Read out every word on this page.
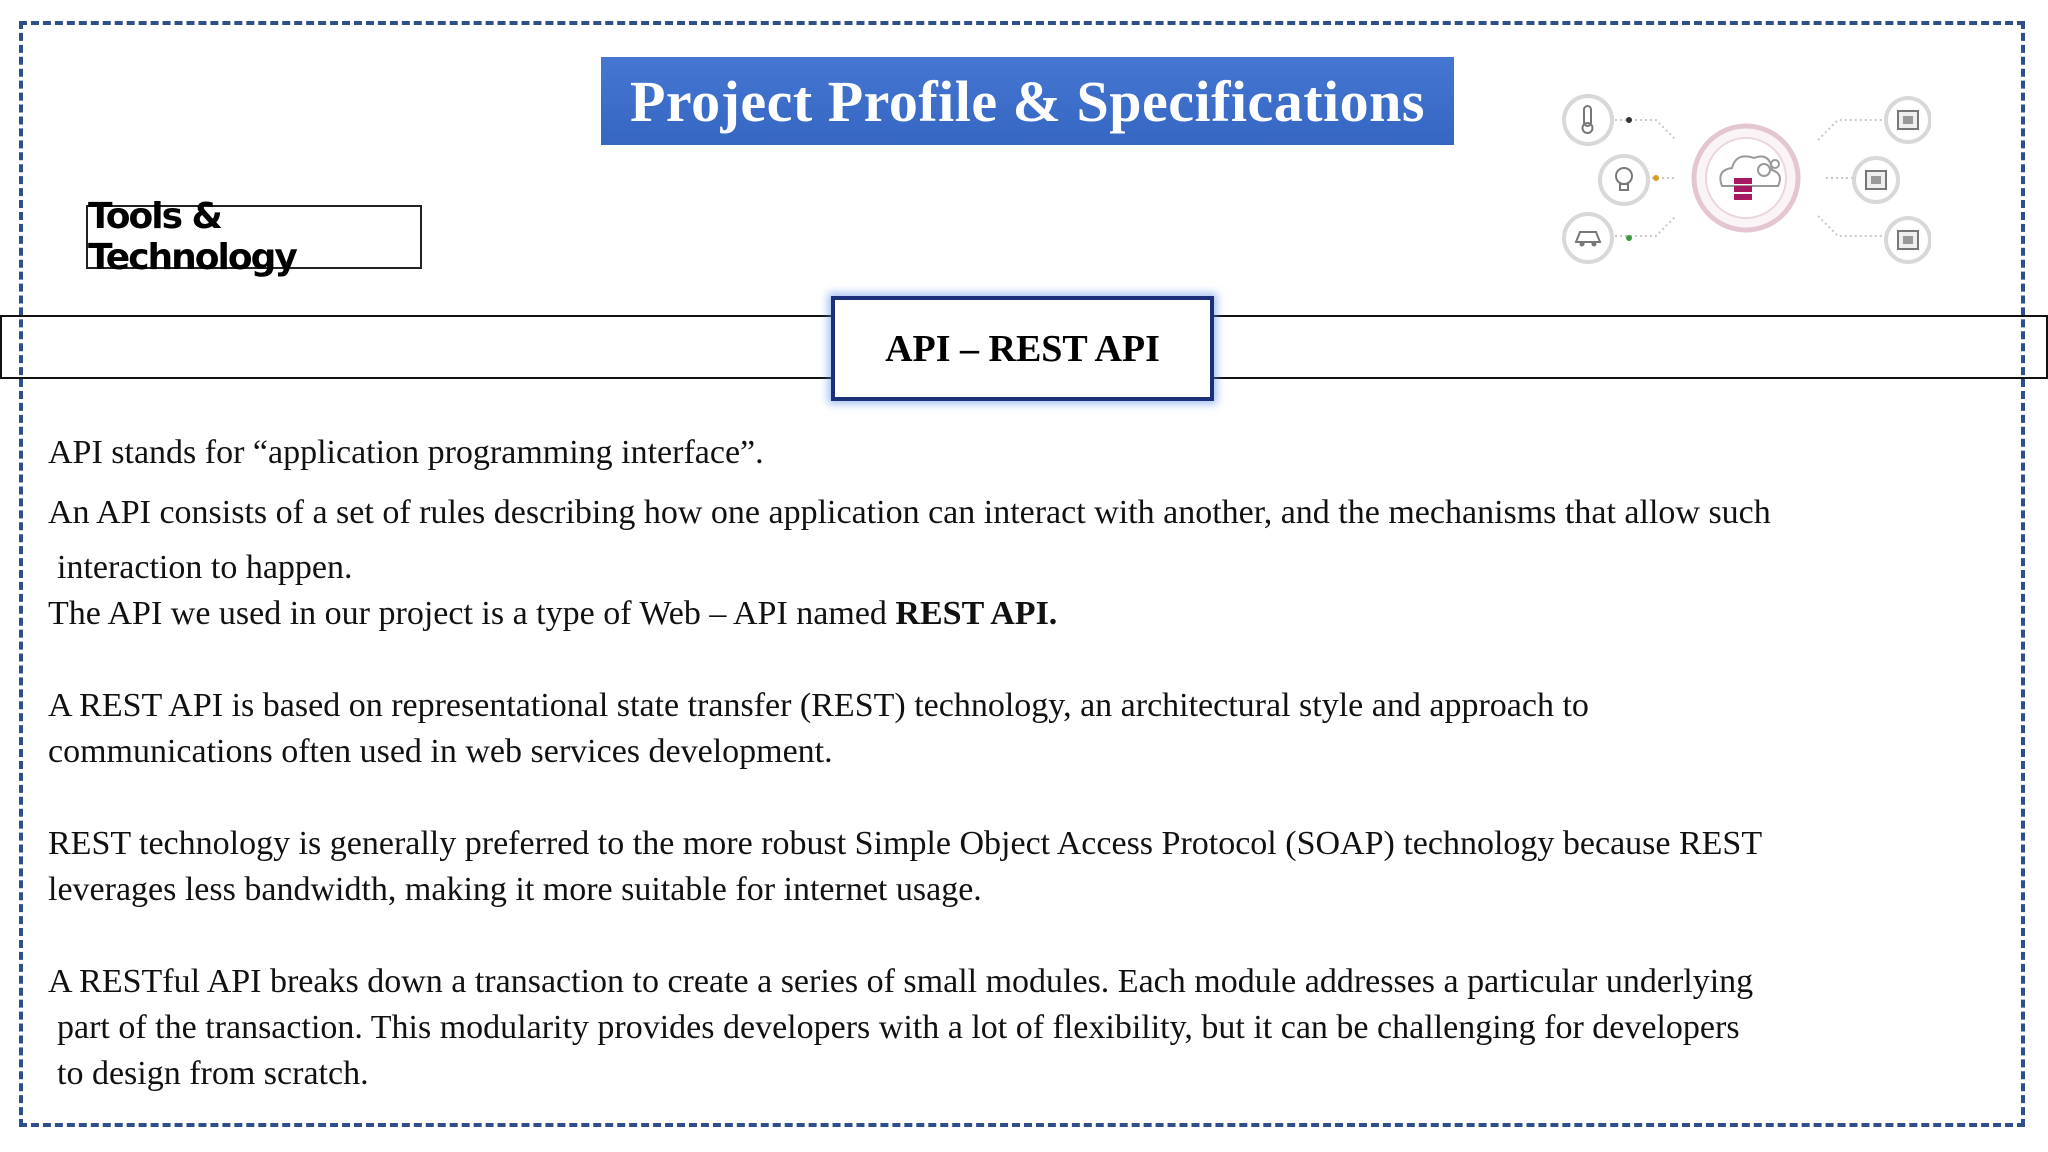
Project Profile & Specifications
Tools & Technology
API – REST API
API stands for “application programming interface”.
An API consists of a set of rules describing how one application can interact with another, and the mechanisms that allow such
interaction to happen.
The API we used in our project is a type of Web – API named REST API.
A REST API is based on representational state transfer (REST) technology, an architectural style and approach to
communications often used in web services development.
REST technology is generally preferred to the more robust Simple Object Access Protocol (SOAP) technology because REST
leverages less bandwidth, making it more suitable for internet usage.
A RESTful API breaks down a transaction to create a series of small modules. Each module addresses a particular underlying
part of the transaction. This modularity provides developers with a lot of flexibility, but it can be challenging for developers
to design from scratch.
